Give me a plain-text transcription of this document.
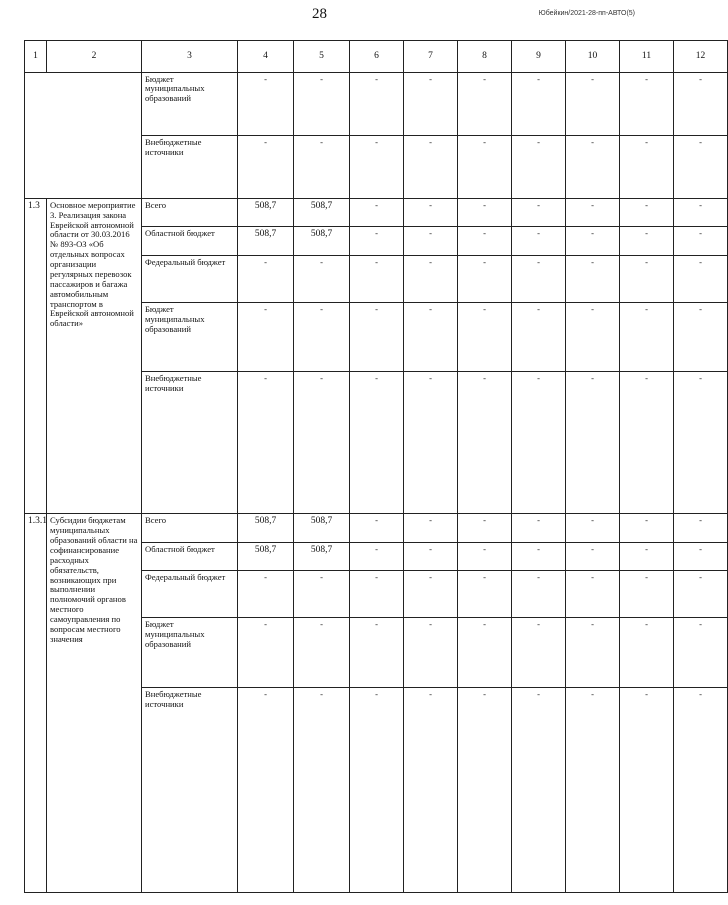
28	Юбейкин/2021-28-пп-АВТО(5)
1	2	3	4	5	6	7	8	9	10	11	12
		Бюджет муниципальных образований	-	-	-	-	-	-	-	-	-
		Внебюджетные источники	-	-	-	-	-	-	-	-	-
1.3	Основное мероприятие 3. Реализация закона Еврейской автономной области от 30.03.2016 № 893-ОЗ «Об отдельных вопросах организации регулярных перевозок пассажиров и багажа автомобильным транспортом в Еврейской автономной области»	Всего	508,7	508,7	-	-	-	-	-	-	-
		Областной бюджет	508,7	508,7	-	-	-	-	-	-	-
		Федеральный бюджет	-	-	-	-	-	-	-	-	-
		Бюджет муниципальных образований	-	-	-	-	-	-	-	-	-
		Внебюджетные источники	-	-	-	-	-	-	-	-	-
1.3.1	Субсидии бюджетам муниципальных образований области на софинансирование расходных обязательств, возникающих при выполнении полномочий органов местного самоуправления по вопросам местного значения	Всего	508,7	508,7	-	-	-	-	-	-	-
		Областной бюджет	508,7	508,7	-	-	-	-	-	-	-
		Федеральный бюджет	-	-	-	-	-	-	-	-	-
		Бюджет муниципальных образований	-	-	-	-	-	-	-	-	-
		Внебюджетные источники	-	-	-	-	-	-	-	-	-
